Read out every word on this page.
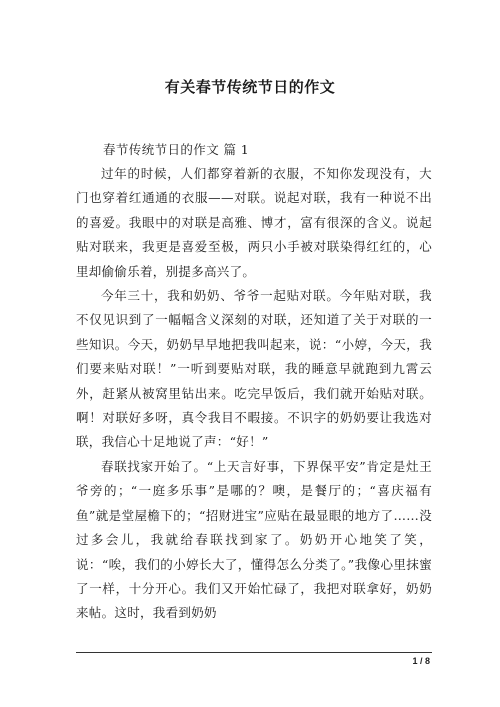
有关春节传统节日的作文
春节传统节日的作文 篇 1

过年的时候，人们都穿着新的衣服，不知你发现没有，大门也穿着红通通的衣服——对联。说起对联，我有一种说不出的喜爱。我眼中的对联是高雅、博才，富有很深的含义。说起贴对联来，我更是喜爱至极，两只小手被对联染得红红的，心里却偷偷乐着，别提多高兴了。

今年三十，我和奶奶、爷爷一起贴对联。今年贴对联，我不仅见识到了一幅幅含义深刻的对联，还知道了关于对联的一些知识。今天，奶奶早早地把我叫起来，说：“小婷，今天，我们要来贴对联！”一听到要贴对联，我的睡意早就跑到九霄云外，赶紧从被窝里钻出来。吃完早饭后，我们就开始贴对联。啊！对联好多呀，真令我目不暇接。不识字的奶奶要让我选对联，我信心十足地说了声：“好！”

春联找家开始了。“上天言好事，下界保平安”肯定是灶王爷旁的；“一庭多乐事”是哪的？噢，是餐厅的；“喜庆福有鱼”就是堂屋檐下的；“招财进宝”应贴在最显眼的地方了……没过多会儿，我就给春联找到家了。奶奶开心地笑了笑，说：“唉，我们的小婷长大了，懂得怎么分类了。”我像心里抹蜜了一样，十分开心。我们又开始忙碌了，我把对联拿好，奶奶来帖。这时，我看到奶奶

1 / 8
